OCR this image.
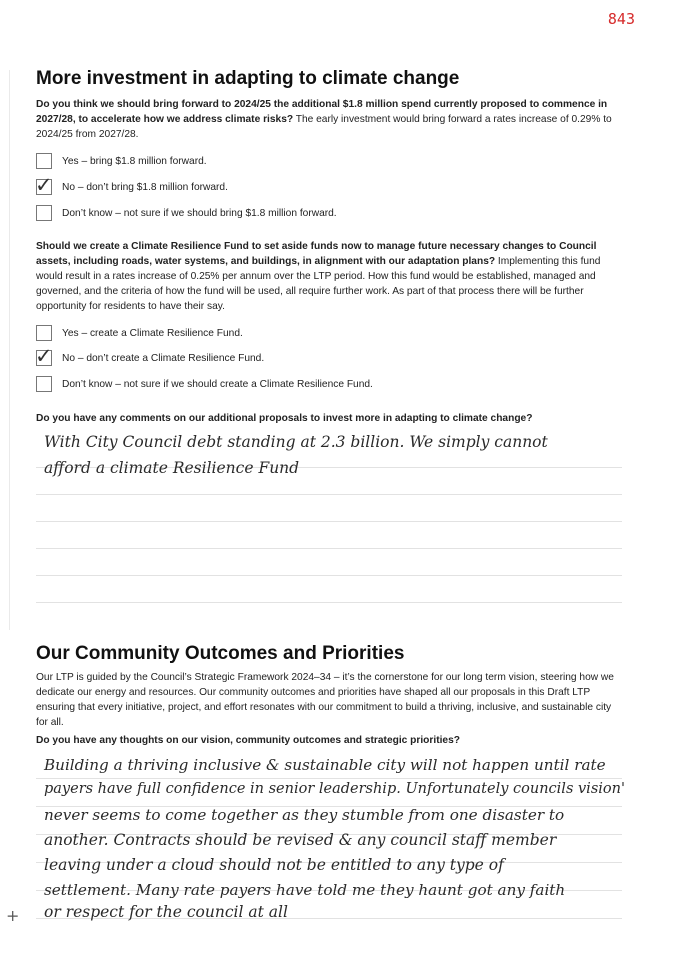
843
More investment in adapting to climate change
Do you think we should bring forward to 2024/25 the additional $1.8 million spend currently proposed to commence in 2027/28, to accelerate how we address climate risks? The early investment would bring forward a rates increase of 0.29% to 2024/25 from 2027/28.
Yes – bring $1.8 million forward.
✓ No – don’t bring $1.8 million forward.
Don’t know – not sure if we should bring $1.8 million forward.
Should we create a Climate Resilience Fund to set aside funds now to manage future necessary changes to Council assets, including roads, water systems, and buildings, in alignment with our adaptation plans? Implementing this fund would result in a rates increase of 0.25% per annum over the LTP period. How this fund would be established, managed and governed, and the criteria of how the fund will be used, all require further work. As part of that process there will be further opportunity for residents to have their say.
Yes – create a Climate Resilience Fund.
✓ No – don’t create a Climate Resilience Fund.
Don’t know – not sure if we should create a Climate Resilience Fund.
Do you have any comments on our additional proposals to invest more in adapting to climate change?
With City Council debt standing at 2.3 billion. We simply cannot
afford a climate Resilience Fund
Our Community Outcomes and Priorities
Our LTP is guided by the Council’s Strategic Framework 2024–34 – it’s the cornerstone for our long term vision, steering how we dedicate our energy and resources. Our community outcomes and priorities have shaped all our proposals in this Draft LTP ensuring that every initiative, project, and effort resonates with our commitment to build a thriving, inclusive, and sustainable city for all.
Do you have any thoughts on our vision, community outcomes and strategic priorities?
Building a thriving inclusive & sustainable city will not happen until rate
payers have full confidence in senior leadership. Unfortunately councils vision'
never seems to come together as they stumble from one disaster to
another. Contracts should be revised & any council staff member
leaving under a cloud should not be entitled to any type of
settlement. Many rate payers have told me they haunt got any faith
or respect for the council at all
+
